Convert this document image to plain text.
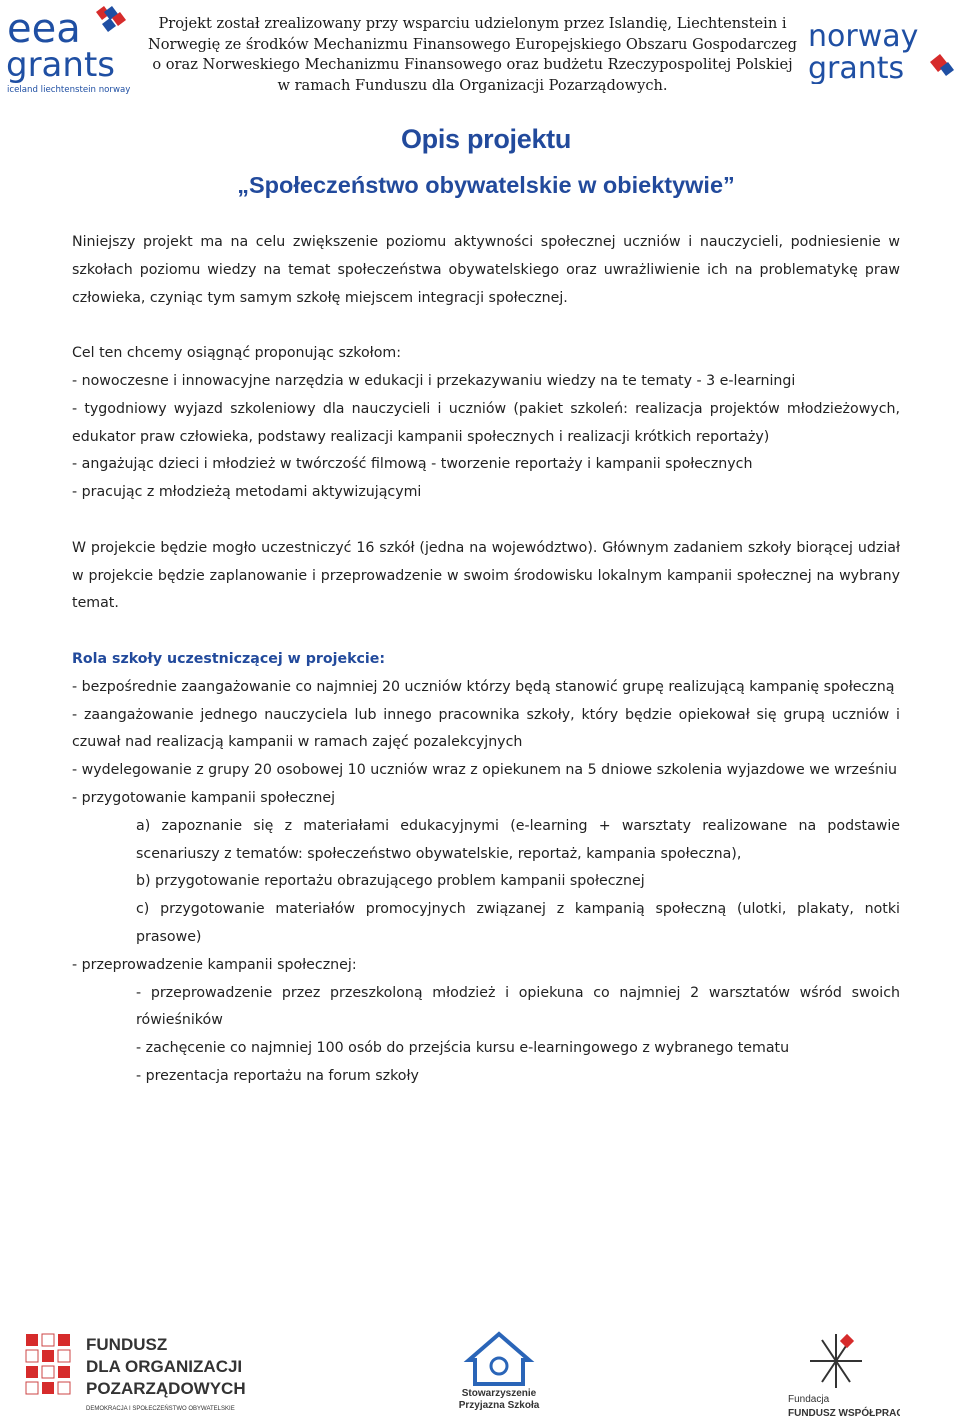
eea
grants
iceland liechtenstein norway
Projekt został zrealizowany przy wsparciu udzielonym przez Islandię, Liechtenstein i
Norwegię ze środków Mechanizmu Finansowego Europejskiego Obszaru Gospodarczeg
o oraz Norweskiego Mechanizmu Finansowego oraz budżetu Rzeczypospolitej Polskiej
w ramach Funduszu dla Organizacji Pozarządowych.
norway
grants
Opis projektu
„Społeczeństwo obywatelskie w obiektywie”

Niniejszy projekt ma na celu zwiększenie poziomu aktywności społecznej uczniów i nauczycieli, podniesienie w szkołach poziomu wiedzy na temat społeczeństwa obywatelskiego oraz uwrażliwienie ich na problematykę praw człowieka, czyniąc tym samym szkołę miejscem integracji społecznej.

Cel ten chcemy osiągnąć proponując szkołom:

- nowoczesne i innowacyjne narzędzia w edukacji i przekazywaniu wiedzy na te tematy - 3 e-learningi

- tygodniowy wyjazd szkoleniowy dla nauczycieli i uczniów (pakiet szkoleń: realizacja projektów młodzieżowych, edukator praw człowieka, podstawy realizacji kampanii społecznych i realizacji krótkich reportaży)

- angażując dzieci i młodzież w twórczość filmową - tworzenie reportaży i kampanii społecznych

- pracując z młodzieżą metodami aktywizującymi

W projekcie będzie mogło uczestniczyć 16 szkół (jedna na województwo). Głównym zadaniem szkoły biorącej udział w projekcie będzie zaplanowanie i przeprowadzenie w swoim środowisku lokalnym kampanii społecznej na wybrany temat.

Rola szkoły uczestniczącej w projekcie:

- bezpośrednie zaangażowanie co najmniej 20 uczniów którzy będą stanowić grupę realizującą kampanię społeczną

- zaangażowanie jednego nauczyciela lub innego pracownika szkoły, który będzie opiekował się grupą uczniów i czuwał nad realizacją kampanii w ramach zajęć pozalekcyjnych

- wydelegowanie z grupy 20 osobowej 10 uczniów wraz z opiekunem na 5 dniowe szkolenia wyjazdowe we wrześniu

- przygotowanie kampanii społecznej

a) zapoznanie się z materiałami edukacyjnymi (e-learning + warsztaty realizowane na podstawie scenariuszy z tematów: społeczeństwo obywatelskie, reportaż, kampania społeczna),

b) przygotowanie reportażu obrazującego problem kampanii społecznej

c) przygotowanie materiałów promocyjnych związanej z kampanią społeczną (ulotki, plakaty, notki prasowe)

- przeprowadzenie kampanii społecznej:

- przeprowadzenie przez przeszkoloną młodzież i opiekuna co najmniej 2 warsztatów wśród swoich rówieśników

- zachęcenie co najmniej 100 osób do przejścia kursu e-learningowego z wybranego tematu

- prezentacja reportażu na forum szkoły

FUNDUSZ
DLA ORGANIZACJI
POZARZĄDOWYCH
DEMOKRACJA I SPOŁECZEŃSTWO OBYWATELSKIE
Stowarzyszenie
Przyjazna Szkoła
Fundacja
FUNDUSZ WSPÓŁPRACY
